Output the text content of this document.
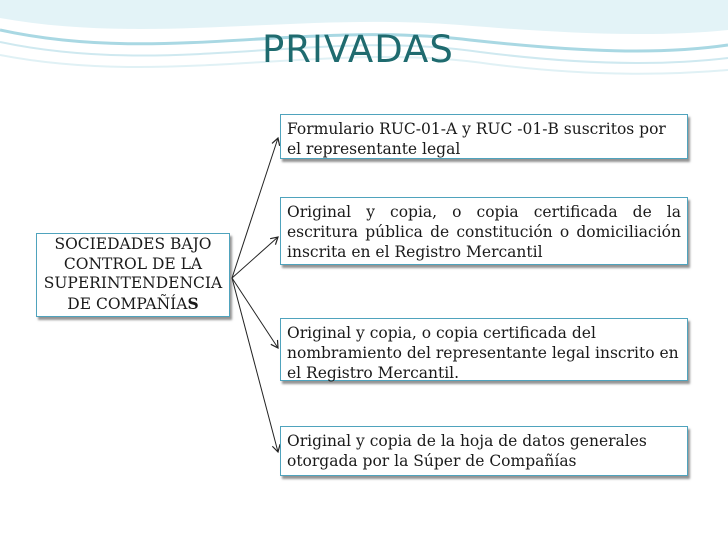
PRIVADAS
SOCIEDADES BAJO
CONTROL DE LA
SUPERINTENDENCIA
DE COMPAÑÍAS
Formulario RUC-01-A y RUC -01-B suscritos por el representante legal
Original y copia, o copia certificada de la escritura pública de constitución o domiciliación inscrita en el Registro Mercantil
Original y copia, o copia certificada del nombramiento del representante legal inscrito en el Registro Mercantil.
Original y copia de la hoja de datos generales otorgada por la Súper de Compañías
